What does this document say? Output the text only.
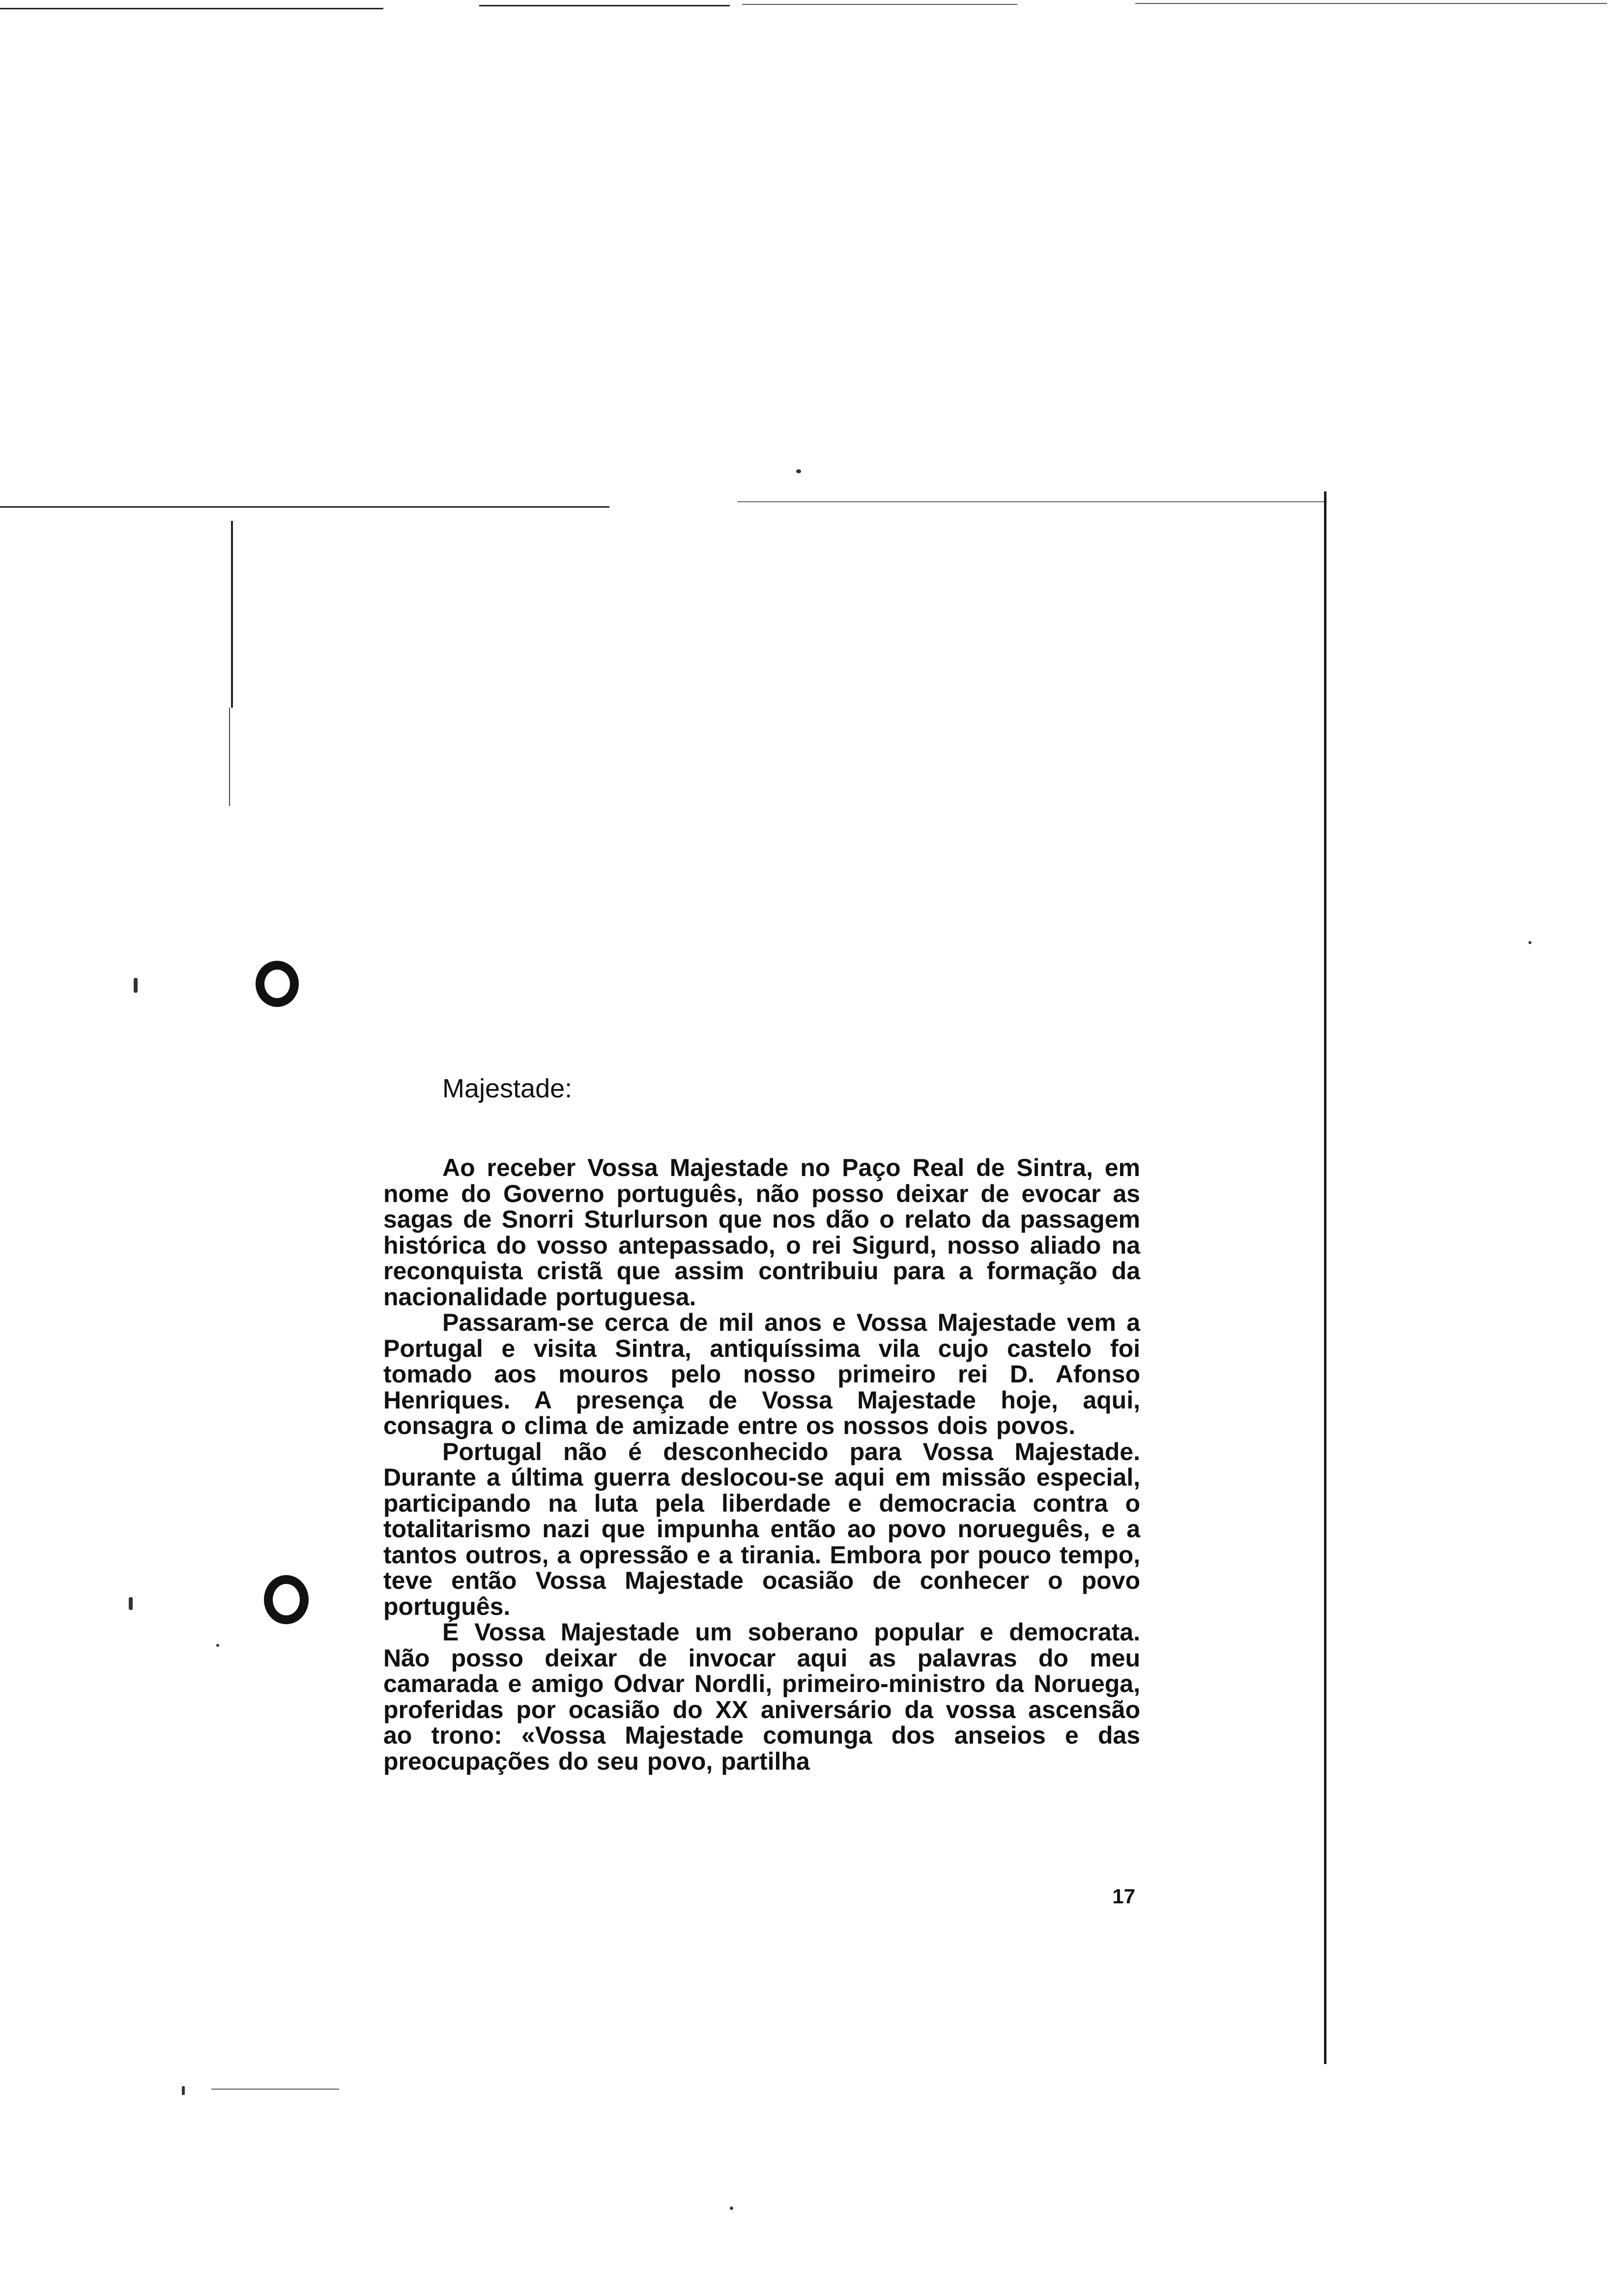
Majestade:

Ao receber Vossa Majestade no Paço Real de Sintra, em nome do Governo português, não posso deixar de evocar as sagas de Snorri Sturlurson que nos dão o relato da passagem histórica do vosso antepassado, o rei Sigurd, nosso aliado na reconquista cristã que assim contribuiu para a formação da nacionalidade portuguesa.

Passaram-se cerca de mil anos e Vossa Majestade vem a Portugal e visita Sintra, antiquíssima vila cujo castelo foi tomado aos mouros pelo nosso primeiro rei D. Afonso Henriques. A presença de Vossa Majestade hoje, aqui, consagra o clima de amizade entre os nossos dois povos.

Portugal não é desconhecido para Vossa Majestade. Durante a última guerra deslocou-se aqui em missão especial, participando na luta pela liberdade e democracia contra o totalitarismo nazi que impunha então ao povo norueguês, e a tantos outros, a opressão e a tirania. Embora por pouco tempo, teve então Vossa Majestade ocasião de conhecer o povo português.

É Vossa Majestade um soberano popular e democrata. Não posso deixar de invocar aqui as palavras do meu camarada e amigo Odvar Nordli, primeiro-ministro da Noruega, proferidas por ocasião do XX aniversário da vossa ascensão ao trono: «Vossa Majestade comunga dos anseios e das preocupações do seu povo, partilha

17
